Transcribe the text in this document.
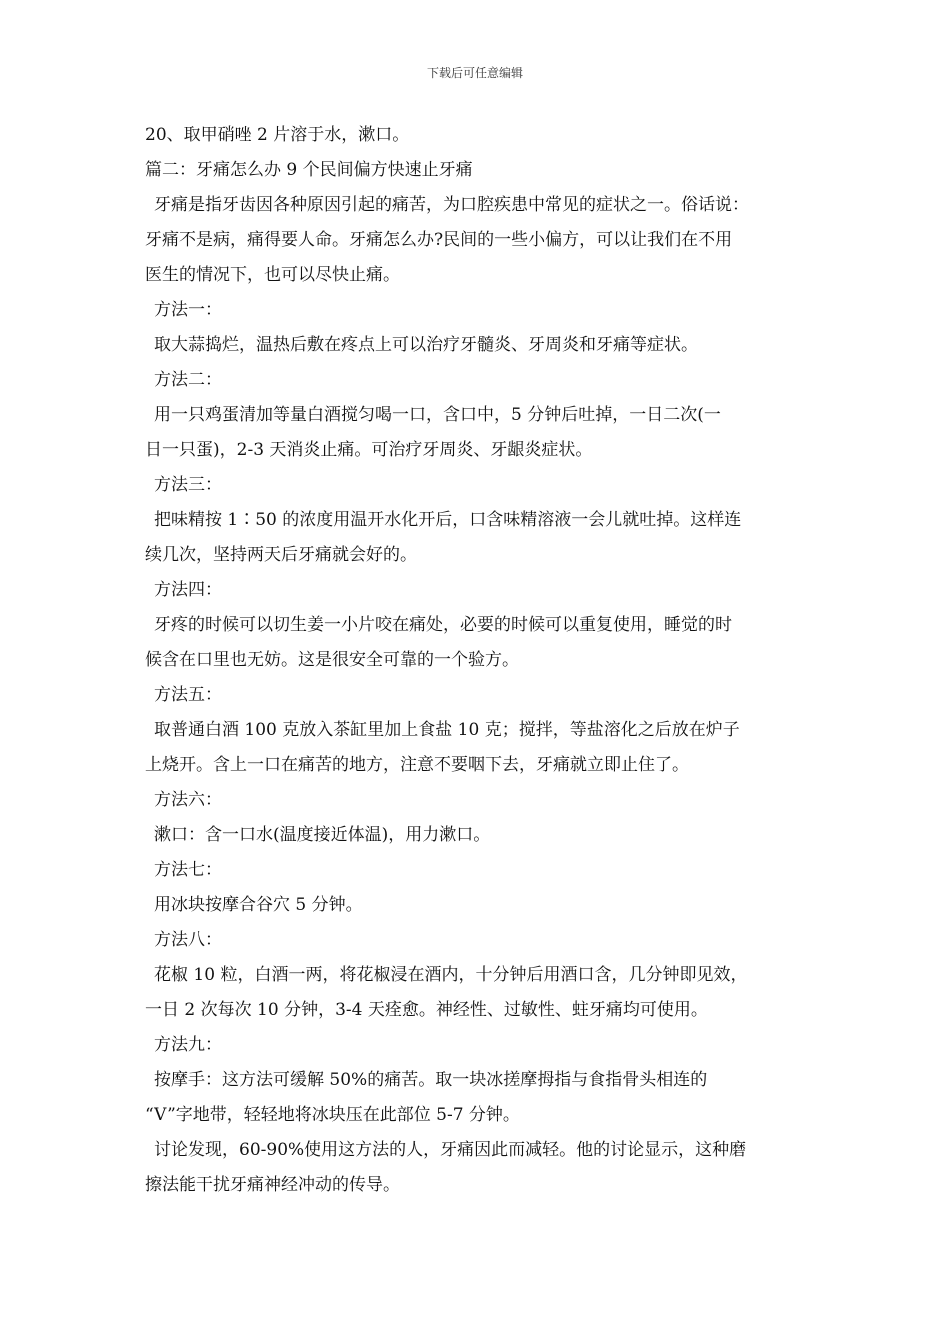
下载后可任意编辑
20、取甲硝唑 2 片溶于水，漱口。
篇二：牙痛怎么办 9 个民间偏方快速止牙痛
牙痛是指牙齿因各种原因引起的痛苦，为口腔疾患中常见的症状之一。俗话说：
牙痛不是病，痛得要人命。牙痛怎么办?民间的一些小偏方，可以让我们在不用
医生的情况下，也可以尽快止痛。
方法一：
取大蒜捣烂，温热后敷在疼点上可以治疗牙髓炎、牙周炎和牙痛等症状。
方法二：
用一只鸡蛋清加等量白酒搅匀喝一口，含口中，5 分钟后吐掉，一日二次(一
日一只蛋)，2-3 天消炎止痛。可治疗牙周炎、牙龈炎症状。
方法三：
把味精按 1∶50 的浓度用温开水化开后，口含味精溶液一会儿就吐掉。这样连
续几次，坚持两天后牙痛就会好的。
方法四：
牙疼的时候可以切生姜一小片咬在痛处，必要的时候可以重复使用，睡觉的时
候含在口里也无妨。这是很安全可靠的一个验方。
方法五：
取普通白酒 100 克放入茶缸里加上食盐 10 克；搅拌，等盐溶化之后放在炉子
上烧开。含上一口在痛苦的地方，注意不要咽下去，牙痛就立即止住了。
方法六：
漱口：含一口水(温度接近体温)，用力漱口。
方法七：
用冰块按摩合谷穴 5 分钟。
方法八：
花椒 10 粒，白酒一两，将花椒浸在酒内，十分钟后用酒口含，几分钟即见效，
一日 2 次每次 10 分钟，3-4 天痊愈。神经性、过敏性、蛀牙痛均可使用。
方法九：
按摩手：这方法可缓解 50%的痛苦。取一块冰搓摩拇指与食指骨头相连的
“V”字地带，轻轻地将冰块压在此部位 5-7 分钟。
讨论发现，60-90%使用这方法的人，牙痛因此而减轻。他的讨论显示，这种磨
擦法能干扰牙痛神经冲动的传导。
